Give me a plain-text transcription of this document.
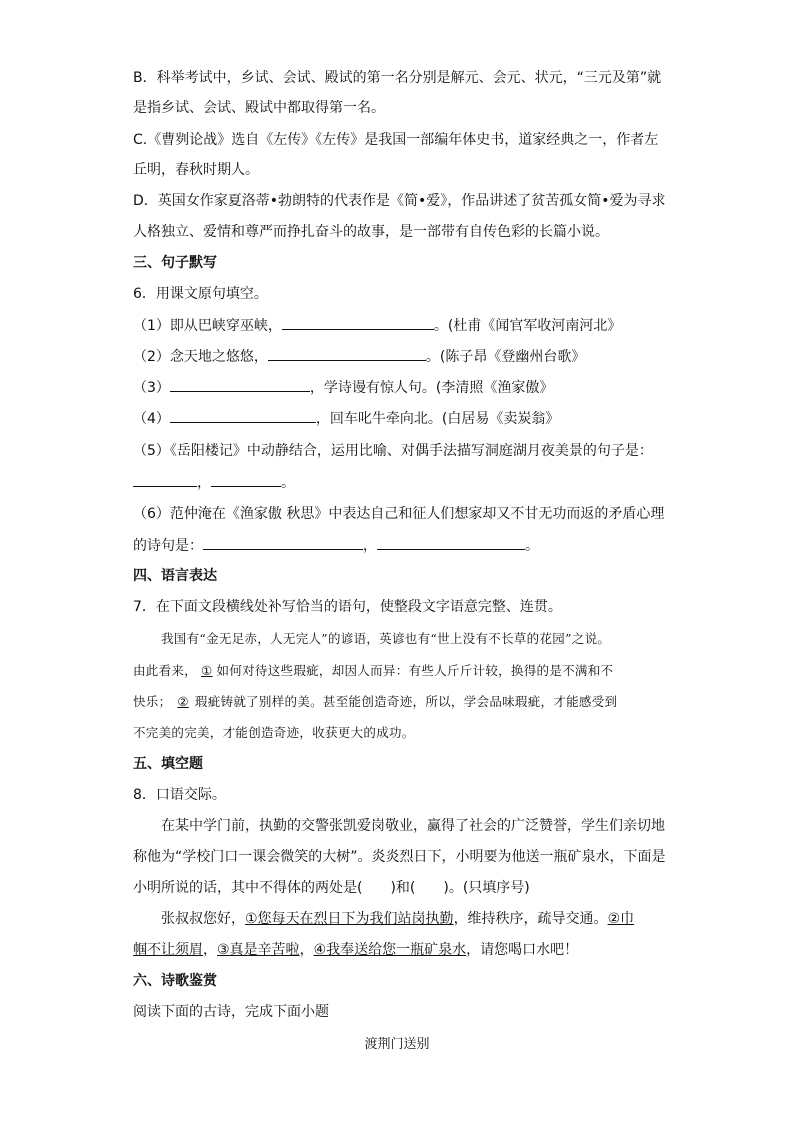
B．科举考试中，乡试、会试、殿试的第一名分别是解元、会元、状元，“三元及第”就
是指乡试、会试、殿试中都取得第一名。
C.《曹刿论战》选自《左传》《左传》是我国一部编年体史书，道家经典之一，作者左
丘明，春秋时期人。
D．英国女作家夏洛蒂•勃朗特的代表作是《简•爱》，作品讲述了贫苦孤女简•爱为寻求
人格独立、爱情和尊严而挣扎奋斗的故事，是一部带有自传色彩的长篇小说。
三、句子默写
6．用课文原句填空。
（1）即从巴峡穿巫峡，	。(杜甫《闻官军收河南河北》
（2）念天地之悠悠，	。(陈子昂《登幽州台歌》
（3）	，学诗谩有惊人句。(李清照《渔家傲》
（4）	，回车叱牛牵向北。(白居易《卖炭翁》
（5）《岳阳楼记》中动静结合，运用比喻、对偶手法描写洞庭湖月夜美景的句子是：
，	。
（6）范仲淹在《渔家傲 秋思》中表达自己和征人们想家却又不甘无功而返的矛盾心理
的诗句是：	，	。
四、语言表达
7．在下面文段横线处补写恰当的语句，使整段文字语意完整、连贯。
我国有“金无足赤，人无完人”的谚语，英谚也有“世上没有不长草的花园”之说。
由此看来， ① 如何对待这些瑕疵，却因人而异：有些人斤斤计较，换得的是不满和不
快乐； ② 瑕疵铸就了别样的美。甚至能创造奇迹，所以，学会品味瑕疵，才能感受到
不完美的完美，才能创造奇迹，收获更大的成功。
五、填空题
8．口语交际。
在某中学门前，执勤的交警张凯爱岗敬业，赢得了社会的广泛赞誉，学生们亲切地
称他为“学校门口一课会微笑的大树”。炎炎烈日下，小明要为他送一瓶矿泉水，下面是
小明所说的话，其中不得体的两处是(　　)和(　　)。(只填序号)
张叔叔您好，①您每天在烈日下为我们站岗执勤，维持秩序，疏导交通。②巾
帼不让须眉，③真是辛苦啦，④我奉送给您一瓶矿泉水，请您喝口水吧！
六、诗歌鉴赏
阅读下面的古诗，完成下面小题
渡荆门送别
